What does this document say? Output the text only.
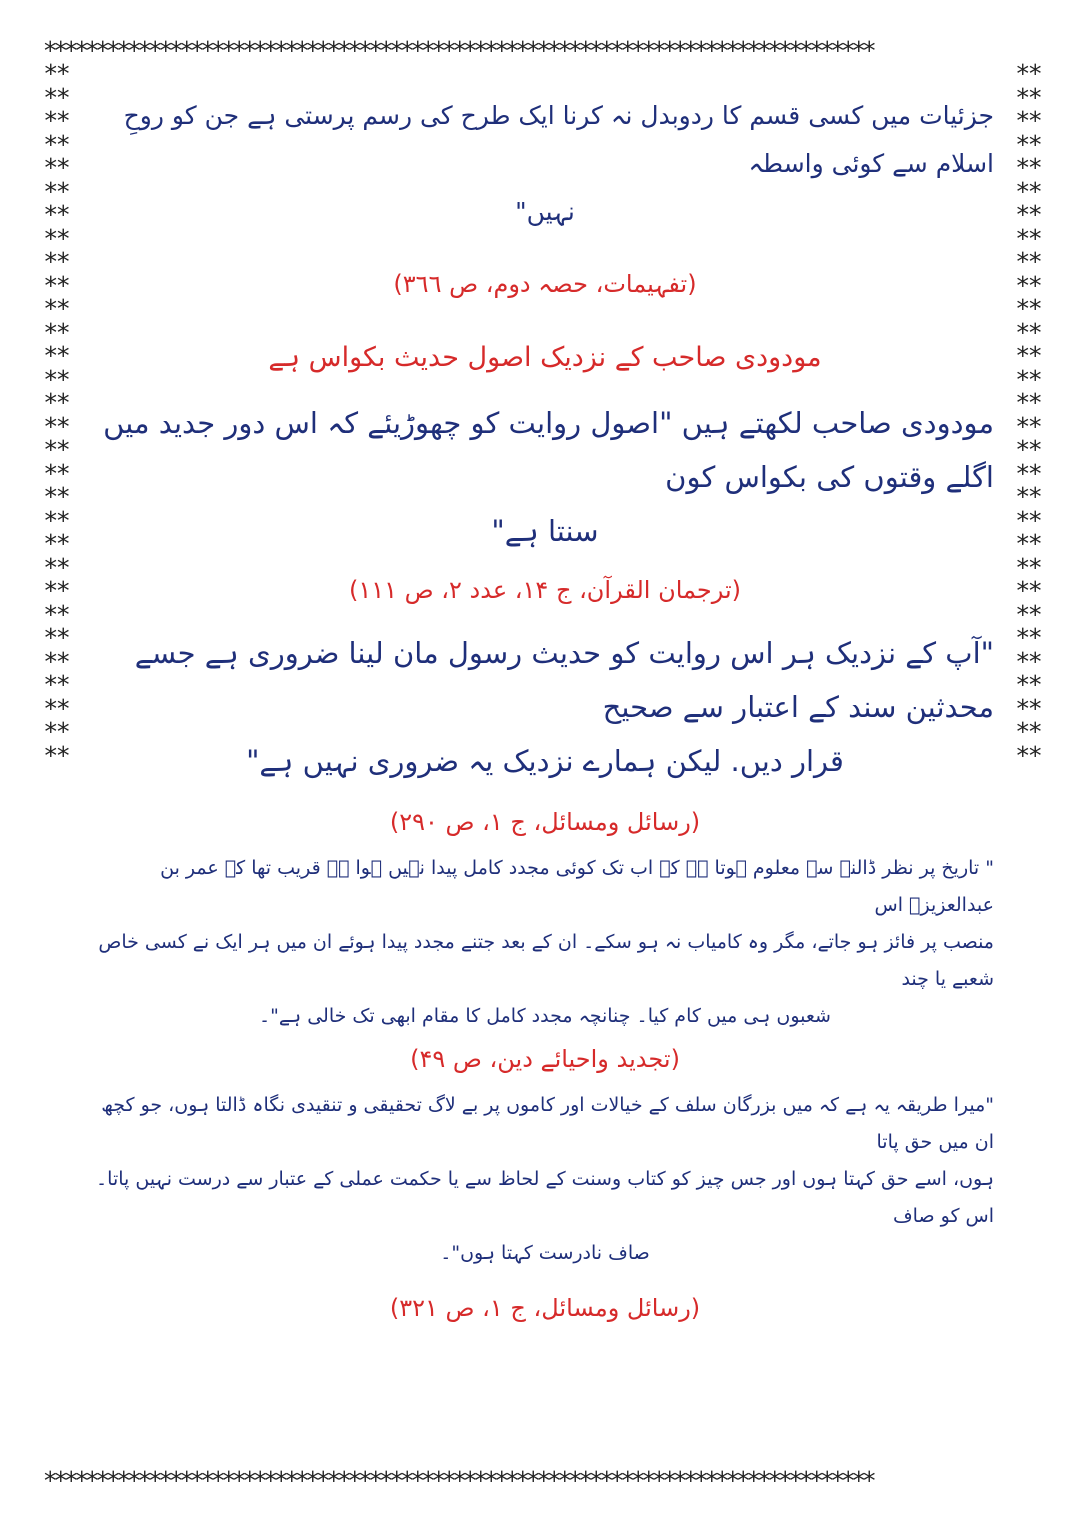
*******************************************************************************
*******************************************************************************
************************************************************
************************************************************

جزئیات میں کسی قسم کا ردوبدل نہ کرنا ایک طرح کی رسم پرستی ہے جن کو روحِ اسلام سے کوئی واسطہ
نہیں"

(تفہیمات، حصہ دوم، ص ۳٦٦)

مودودی صاحب کے نزدیک اصول حدیث بکواس ہے

مودودی صاحب لکھتے ہیں "اصول روایت کو چھوڑیئے کہ اس دور جدید میں اگلے وقتوں کی بکواس کون

سنتا ہے"

(ترجمان القرآن، ج ۱۴، عدد ۲، ص ۱۱۱)

"آپ کے نزدیک ہر اس روایت کو حدیث رسول مان لینا ضروری ہے جسے محدثین سند کے اعتبار سے صحیح

قرار دیں. لیکن ہمارے نزدیک یہ ضروری نہیں ہے"

(رسائل ومسائل، ج ۱، ص ۲۹۰)

" تاریخ پر نظر ڈالنے سے معلوم ہوتا ہے کہ اب تک کوئی مجدد کامل پیدا نہیں ہوا ہے قریب تھا کہ عمر بن عبدالعزیزؒ اس
منصب پر فائز ہو جاتے، مگر وہ کامیاب نہ ہو سکے۔ ان کے بعد جتنے مجدد پیدا ہوئے ان میں ہر ایک نے کسی خاص شعبے یا چند

شعبوں ہی میں کام کیا۔ چنانچہ مجدد کامل کا مقام ابھی تک خالی ہے"۔

(تجدید واحیائے دین، ص ۴۹)

"میرا طریقہ یہ ہے کہ میں بزرگان سلف کے خیالات اور کاموں پر بے لاگ تحقیقی و تنقیدی نگاہ ڈالتا ہوں، جو کچھ ان میں حق پاتا
ہوں، اسے حق کہتا ہوں اور جس چیز کو کتاب وسنت کے لحاظ سے یا حکمت عملی کے عتبار سے درست نہیں پاتا۔ اس کو صاف

صاف نادرست کہتا ہوں"۔

(رسائل ومسائل، ج ۱، ص ۳۲۱)
